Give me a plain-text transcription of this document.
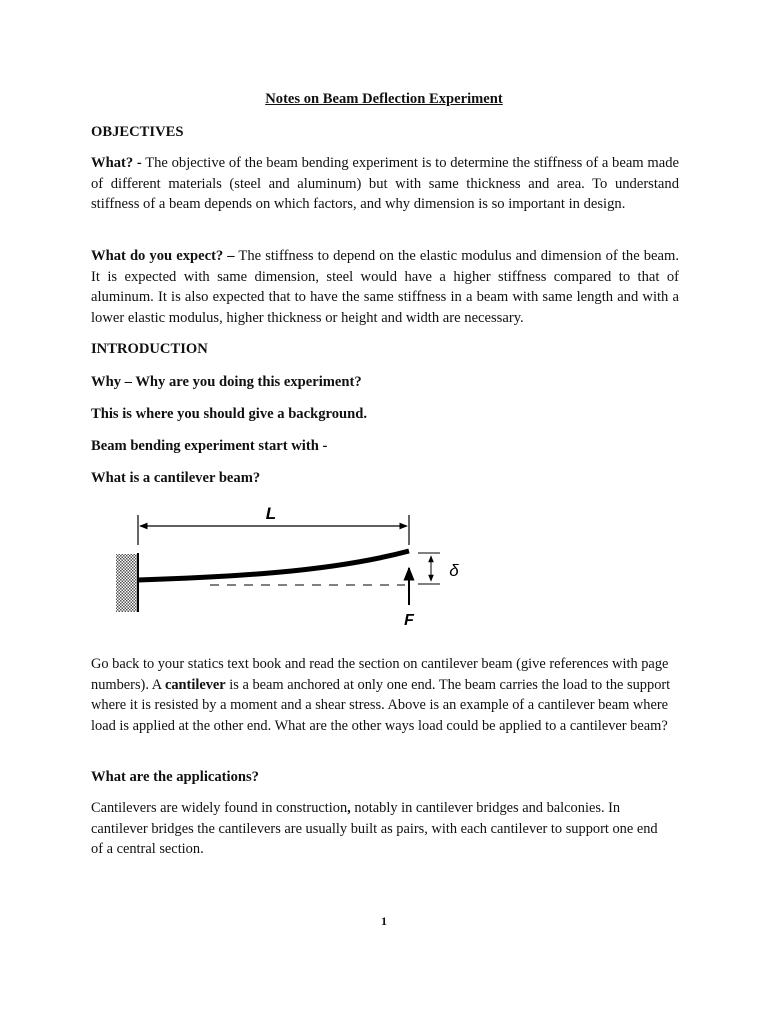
Notes on Beam Deflection Experiment
OBJECTIVES

What? - The objective of the beam bending experiment is to determine the stiffness of a beam made of different materials (steel and aluminum) but with same thickness and area. To understand stiffness of a beam depends on which factors, and why dimension is so important in design.

What do you expect? – The stiffness to depend on the elastic modulus and dimension of the beam. It is expected with same dimension, steel would have a higher stiffness compared to that of aluminum. It is also expected that to have the same stiffness in a beam with same length and with a lower elastic modulus, higher thickness or height and width are necessary.

INTRODUCTION
Why – Why are you doing this experiment?
This is where you should give a background.
Beam bending experiment start with -
What is a cantilever beam?
L
F
δ

Go back to your statics text book and read the section on cantilever beam (give references with page numbers). A cantilever is a beam anchored at only one end. The beam carries the load to the support where it is resisted by a moment and a shear stress. Above is an example of a cantilever beam where load is applied at the other end. What are the other ways load could be applied to a cantilever beam?

What are the applications?

Cantilevers are widely found in construction, notably in cantilever bridges and balconies. In cantilever bridges the cantilevers are usually built as pairs, with each cantilever to support one end of a central section.

1
